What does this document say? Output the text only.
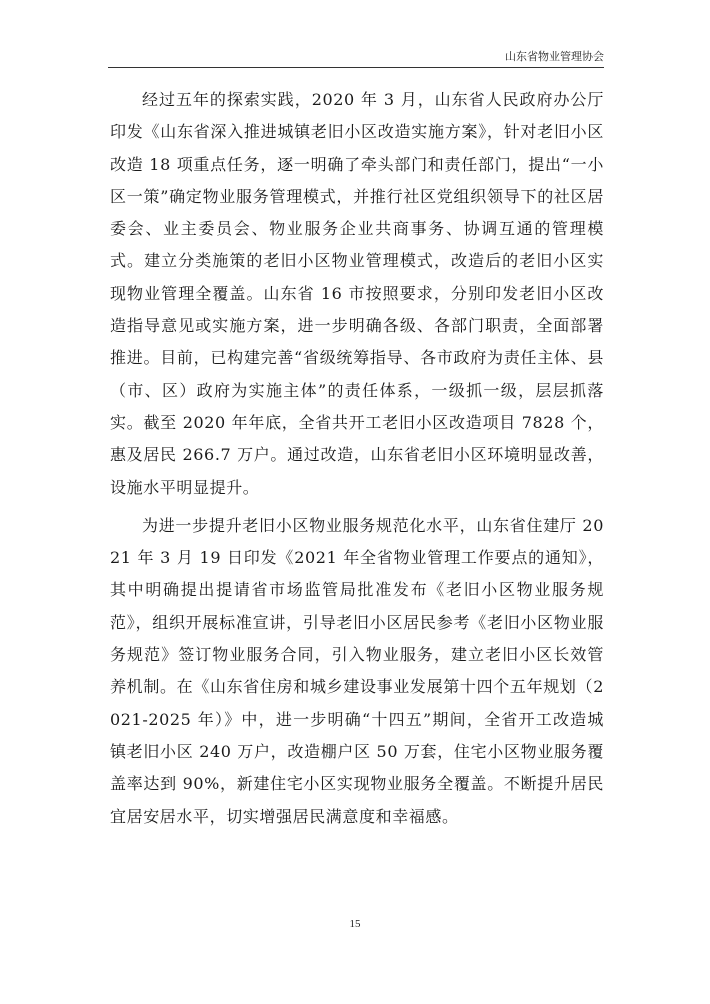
山东省物业管理协会

经过五年的探索实践，2020 年 3 月，山东省人民政府办公厅印发《山东省深入推进城镇老旧小区改造实施方案》，针对老旧小区改造 18 项重点任务，逐一明确了牵头部门和责任部门，提出“一小区一策”确定物业服务管理模式，并推行社区党组织领导下的社区居委会、业主委员会、物业服务企业共商事务、协调互通的管理模式。建立分类施策的老旧小区物业管理模式，改造后的老旧小区实现物业管理全覆盖。山东省 16 市按照要求，分别印发老旧小区改造指导意见或实施方案，进一步明确各级、各部门职责，全面部署推进。目前，已构建完善“省级统筹指导、各市政府为责任主体、县（市、区）政府为实施主体”的责任体系，一级抓一级，层层抓落实。截至 2020 年年底，全省共开工老旧小区改造项目 7828 个，惠及居民 266.7 万户。通过改造，山东省老旧小区环境明显改善，设施水平明显提升。

为进一步提升老旧小区物业服务规范化水平，山东省住建厅 2021 年 3 月 19 日印发《2021 年全省物业管理工作要点的通知》，其中明确提出提请省市场监管局批准发布《老旧小区物业服务规范》，组织开展标准宣讲，引导老旧小区居民参考《老旧小区物业服务规范》签订物业服务合同，引入物业服务，建立老旧小区长效管养机制。在《山东省住房和城乡建设事业发展第十四个五年规划（2021-2025 年）》中，进一步明确“十四五”期间，全省开工改造城镇老旧小区 240 万户，改造棚户区 50 万套，住宅小区物业服务覆盖率达到 90%，新建住宅小区实现物业服务全覆盖。不断提升居民宜居安居水平，切实增强居民满意度和幸福感。

15
